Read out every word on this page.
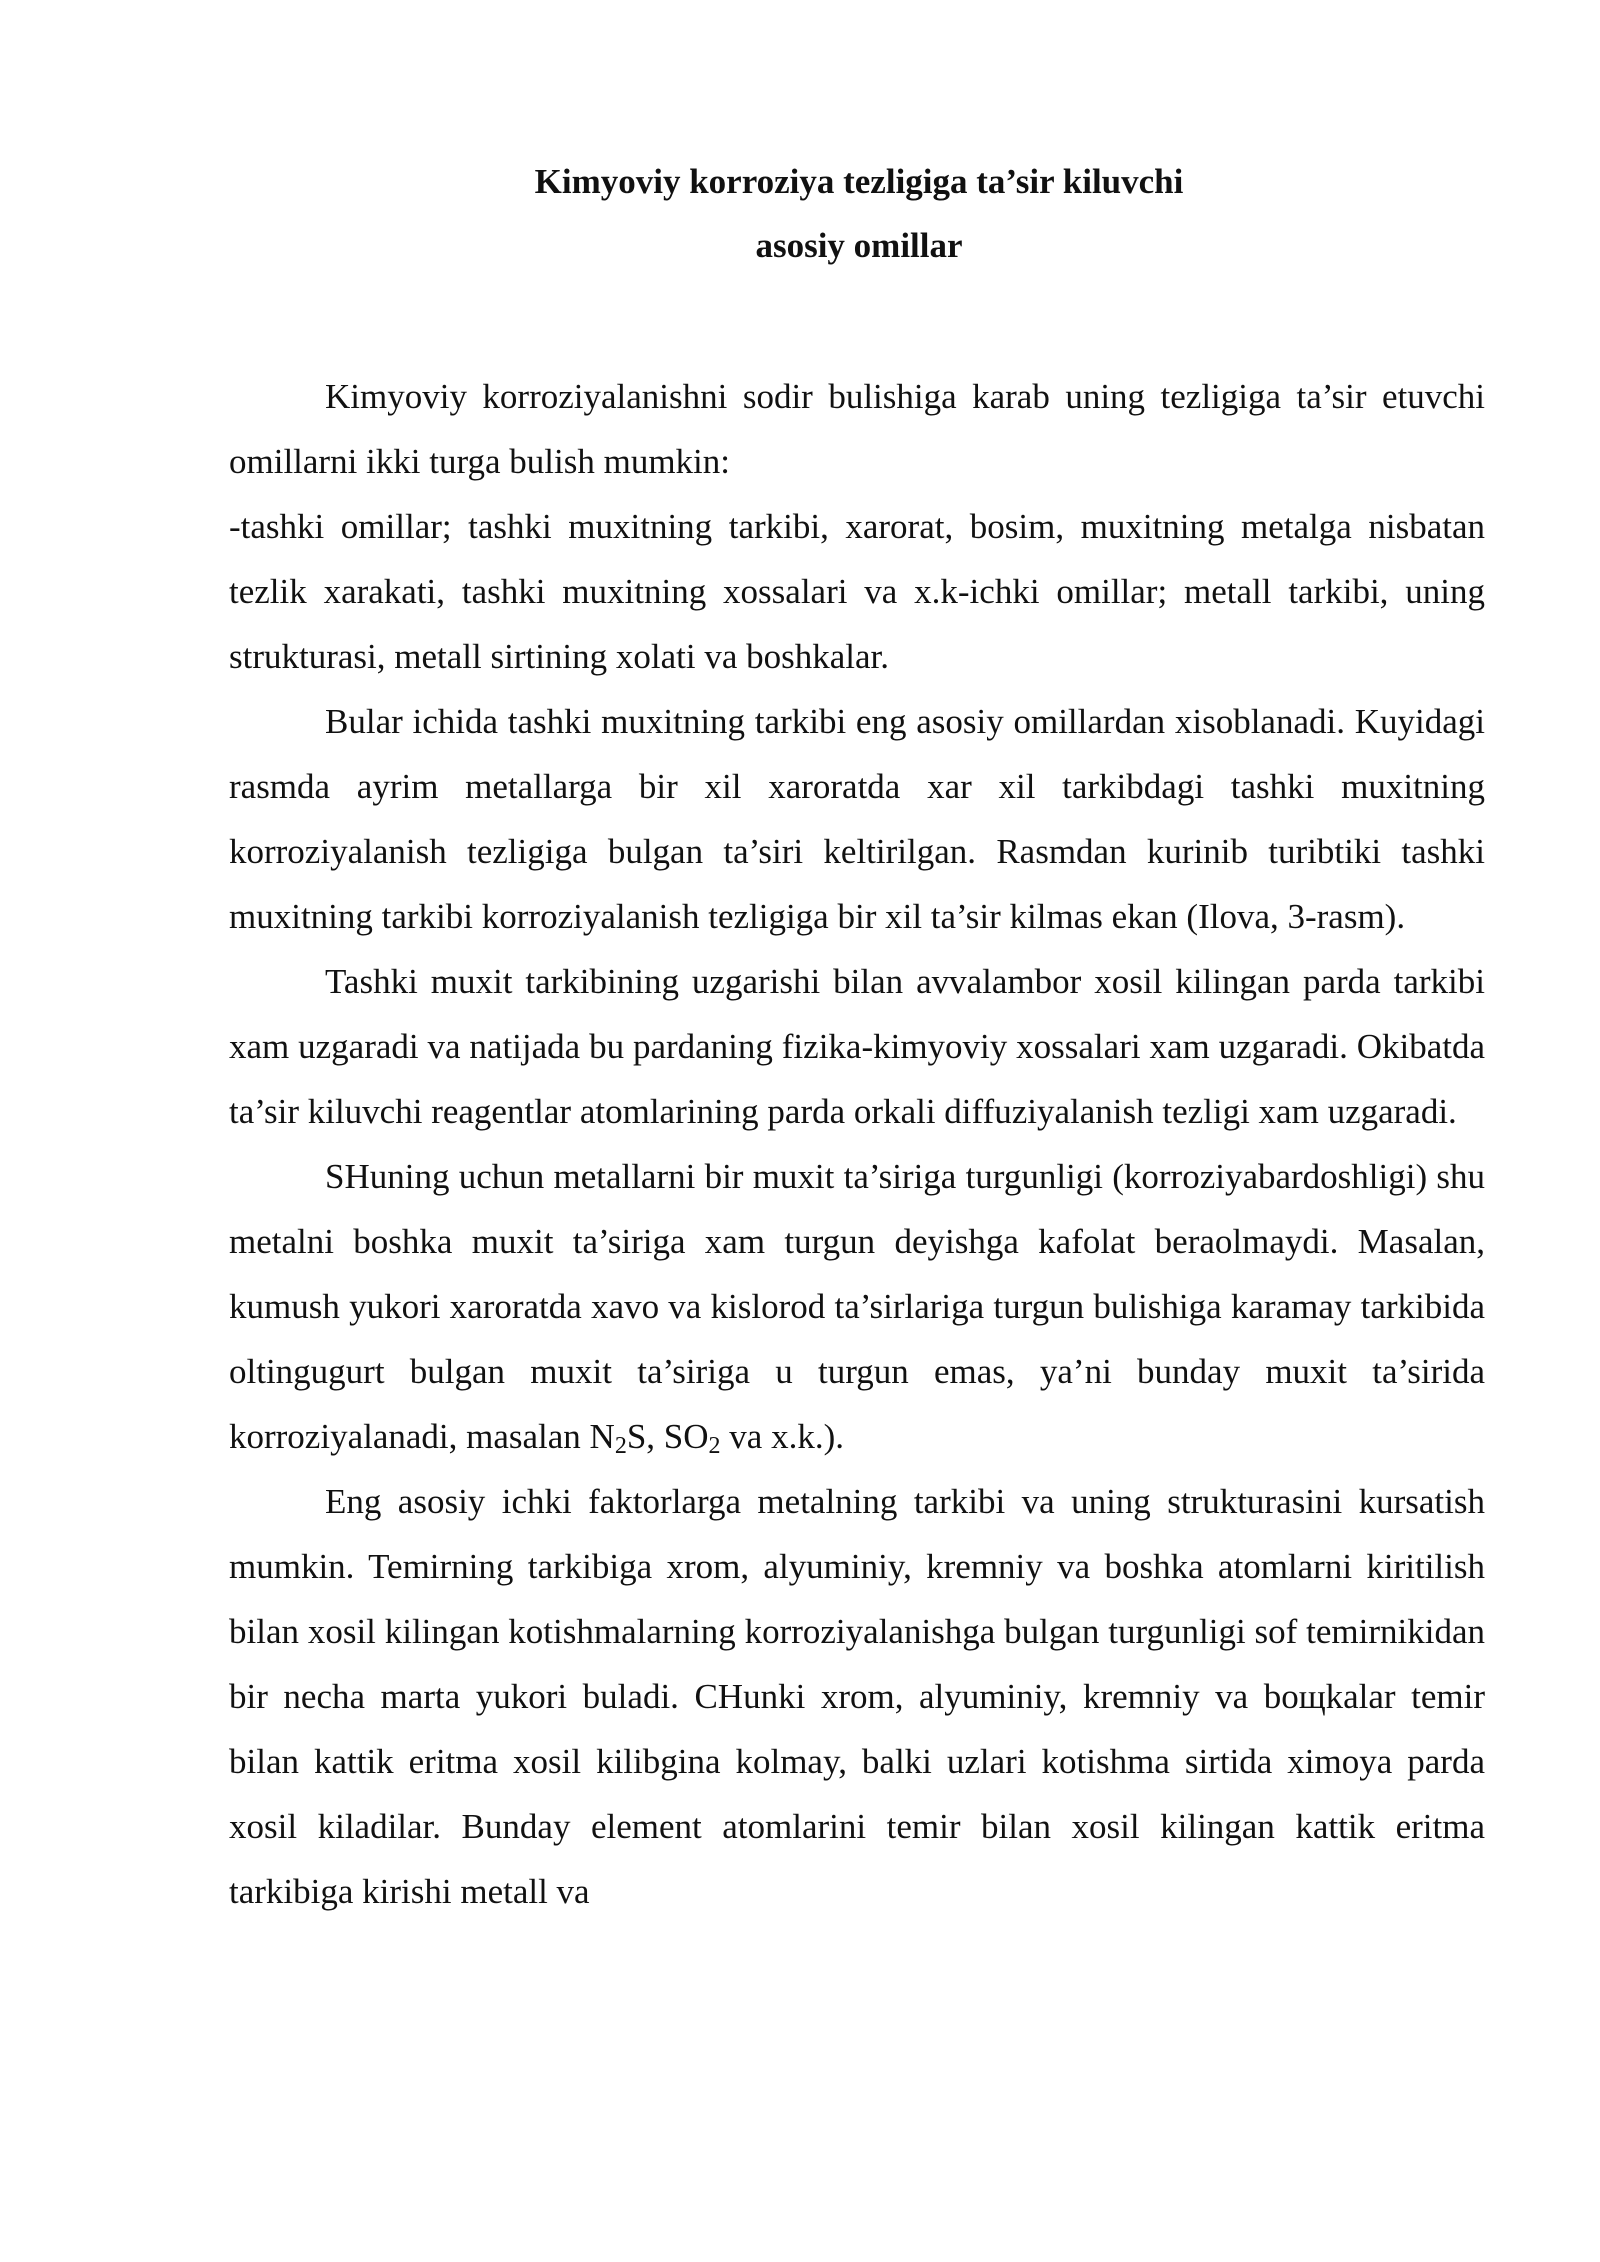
Kimyoviy korroziya tezligiga ta’sir kiluvchi
asosiy omillar

Kimyoviy korroziyalanishni sodir bulishiga karab uning tezligiga ta’sir etuvchi omillarni ikki turga bulish mumkin:

-tashki omillar; tashki muxitning tarkibi, xarorat, bosim, muxitning metalga nisbatan tezlik xarakati, tashki muxitning xossalari va x.k-ichki omillar; metall tarkibi, uning strukturasi, metall sirtining xolati va boshkalar.

Bular ichida tashki muxitning tarkibi eng asosiy omillardan xisoblanadi. Kuyidagi rasmda ayrim metallarga bir xil xaroratda xar xil tarkibdagi tashki muxitning korroziyalanish tezligiga bulgan ta’siri keltirilgan. Rasmdan kurinib turibtiki tashki muxitning tarkibi korroziyalanish tezligiga bir xil ta’sir kilmas ekan (Ilova, 3-rasm).

Tashki muxit tarkibining uzgarishi bilan avvalambor xosil kilingan parda tarkibi xam uzgaradi va natijada bu pardaning fizika-kimyoviy xossalari xam uzgaradi. Okibatda ta’sir kiluvchi reagentlar atomlarining parda orkali diffuziyalanish tezligi xam uzgaradi.

SHuning uchun metallarni bir muxit ta’siriga turgunligi (korroziyabardoshligi) shu metalni boshka muxit ta’siriga xam turgun deyishga kafolat beraolmaydi. Masalan, kumush yukori xaroratda xavo va kislorod ta’sirlariga turgun bulishiga karamay tarkibida oltingugurt bulgan muxit ta’siriga u turgun emas, ya’ni bunday muxit ta’sirida korroziyalanadi, masalan $N_2S$, $SO_2$ va x.k.).

Eng asosiy ichki faktorlarga metalning tarkibi va uning strukturasini kursatish mumkin. Temirning tarkibiga xrom, alyuminiy, kremniy va boshka atomlarni kiritilish bilan xosil kilingan kotishmalarning korroziyalanishga bulgan turgunligi sof temirnikidan bir necha marta yukori buladi. CHunki xrom, alyuminiy, kremniy va bощkalar temir bilan kattik eritma xosil kilibgina kolmay, balki uzlari kotishma sirtida ximoya parda xosil kiladilar. Bunday element atomlarini temir bilan xosil kilingan kattik eritma tarkibiga kirishi metall va
